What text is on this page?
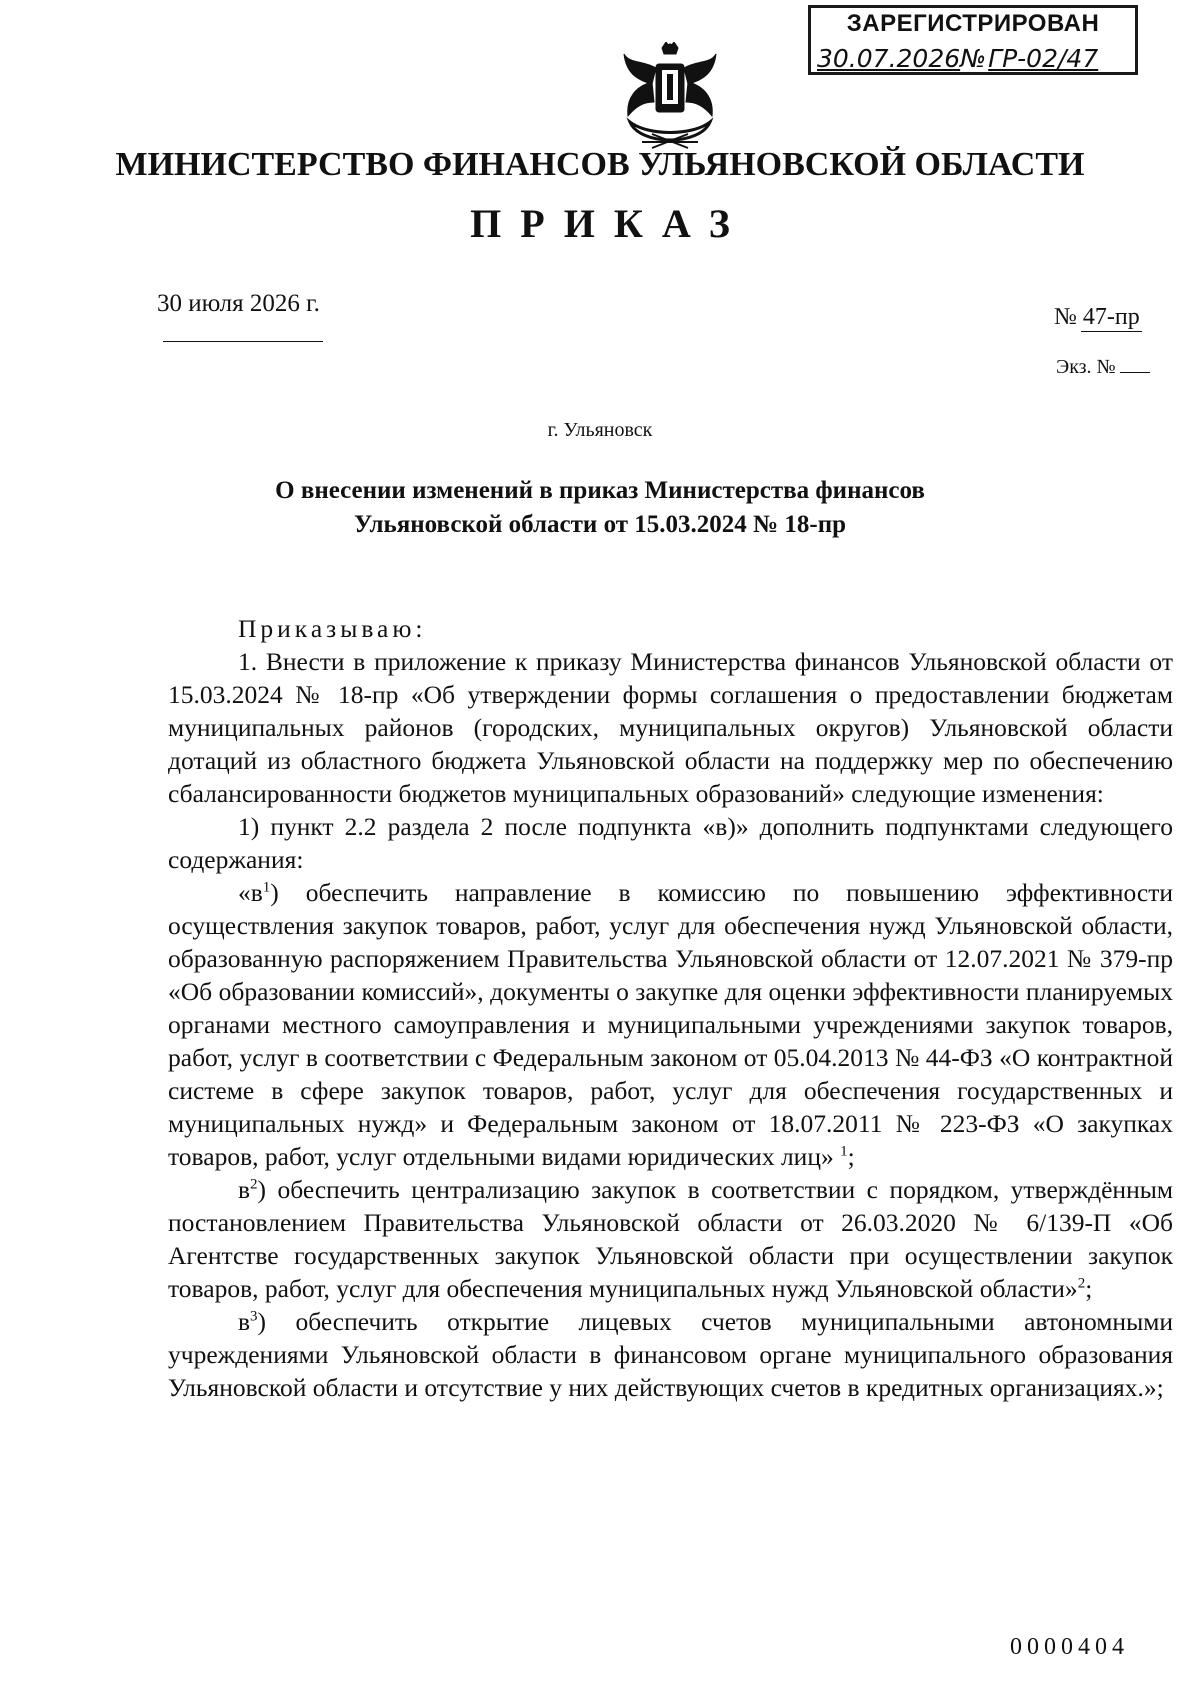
ЗАРЕГИСТРИРОВАН
30.07.2026№ГР-02/47
МИНИСТЕРСТВО ФИНАНСОВ УЛЬЯНОВСКОЙ ОБЛАСТИ
ПРИКАЗ
30 июля 2026 г.	№ 47-пр
Экз. №
г. Ульяновск
О внесении изменений в приказ Министерства финансов
Ульяновской области от 15.03.2024 № 18-пр

Приказываю:

1. Внести в приложение к приказу Министерства финансов Ульяновской области от 15.03.2024 № 18-пр «Об утверждении формы соглашения о предоставлении бюджетам муниципальных районов (городских, муниципальных округов) Ульяновской области дотаций из областного бюджета Ульяновской области на поддержку мер по обеспечению сбалансированности бюджетов муниципальных образований» следующие изменения:

1) пункт 2.2 раздела 2 после подпункта «в)» дополнить подпунктами следующего содержания:

«$в^1$) обеспечить направление в комиссию по повышению эффективности осуществления закупок товаров, работ, услуг для обеспечения нужд Ульяновской области, образованную распоряжением Правительства Ульяновской области от 12.07.2021 № 379-пр «Об образовании комиссий», документы о закупке для оценки эффективности планируемых органами местного самоуправления и муниципальными учреждениями закупок товаров, работ, услуг в соответствии с Федеральным законом от 05.04.2013 № 44-ФЗ «О контрактной системе в сфере закупок товаров, работ, услуг для обеспечения государственных и муниципальных нужд» и Федеральным законом от 18.07.2011 № 223-ФЗ «О закупках товаров, работ, услуг отдельными видами юридических лиц» $^1$;

$в^2$) обеспечить централизацию закупок в соответствии с порядком, утверждённым постановлением Правительства Ульяновской области от 26.03.2020 № 6/139-П «Об Агентстве государственных закупок Ульяновской области при осуществлении закупок товаров, работ, услуг для обеспечения муниципальных нужд Ульяновской области»$^2$;

$в^3$) обеспечить открытие лицевых счетов муниципальными автономными учреждениями Ульяновской области в финансовом органе муниципального образования Ульяновской области и отсутствие у них действующих счетов в кредитных организациях.»;

0000404
